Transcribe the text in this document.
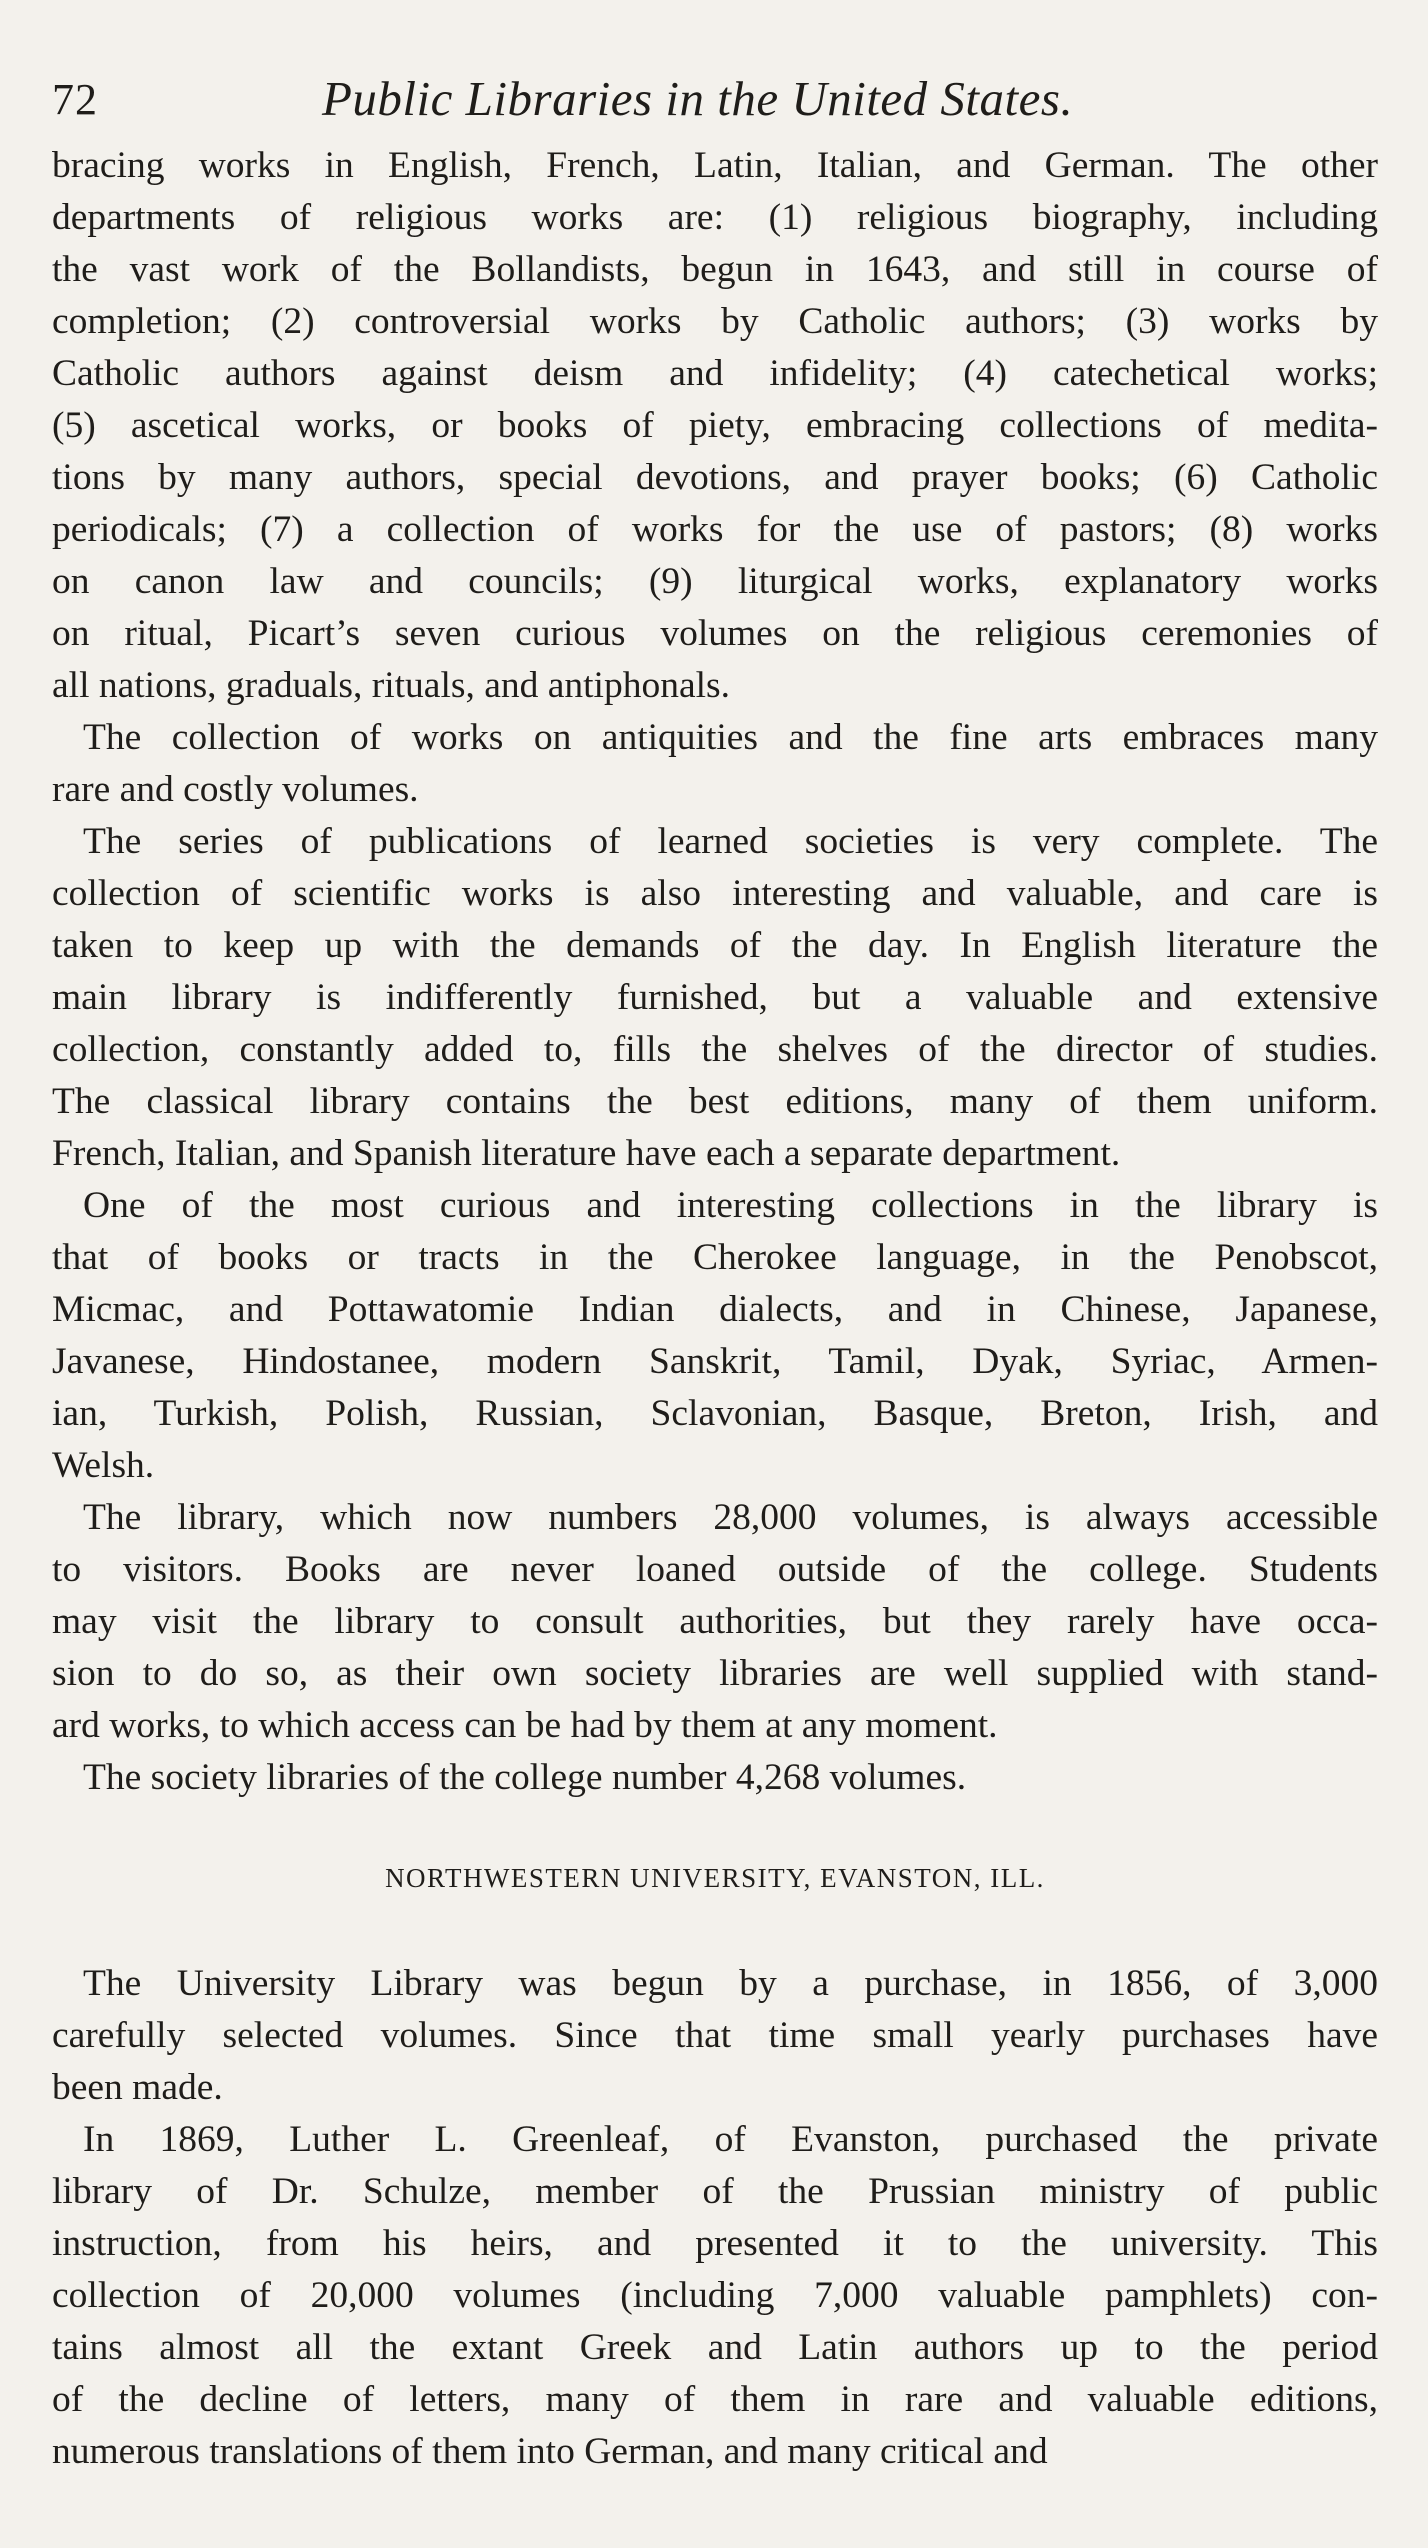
72	Public Libraries in the United States.
bracing works in English, French, Latin, Italian, and German. The other
departments of religious works are: (1) religious biography, including
the vast work of the Bollandists, begun in 1643, and still in course of
completion; (2) controversial works by Catholic authors; (3) works by
Catholic authors against deism and infidelity; (4) catechetical works;
(5) ascetical works, or books of piety, embracing collections of medita-
tions by many authors, special devotions, and prayer books; (6) Catholic
periodicals; (7) a collection of works for the use of pastors; (8) works
on canon law and councils; (9) liturgical works, explanatory works
on ritual, Picart’s seven curious volumes on the religious ceremonies of
all nations, graduals, rituals, and antiphonals.
The collection of works on antiquities and the fine arts embraces many
rare and costly volumes.
The series of publications of learned societies is very complete. The
collection of scientific works is also interesting and valuable, and care is
taken to keep up with the demands of the day. In English literature the
main library is indifferently furnished, but a valuable and extensive
collection, constantly added to, fills the shelves of the director of studies.
The classical library contains the best editions, many of them uniform.
French, Italian, and Spanish literature have each a separate department.
One of the most curious and interesting collections in the library is
that of books or tracts in the Cherokee language, in the Penobscot,
Micmac, and Pottawatomie Indian dialects, and in Chinese, Japanese,
Javanese, Hindostanee, modern Sanskrit, Tamil, Dyak, Syriac, Armen-
ian, Turkish, Polish, Russian, Sclavonian, Basque, Breton, Irish, and
Welsh.
The library, which now numbers 28,000 volumes, is always accessible
to visitors. Books are never loaned outside of the college. Students
may visit the library to consult authorities, but they rarely have occa-
sion to do so, as their own society libraries are well supplied with stand-
ard works, to which access can be had by them at any moment.
The society libraries of the college number 4,268 volumes.
NORTHWESTERN UNIVERSITY, EVANSTON, ILL.
The University Library was begun by a purchase, in 1856, of 3,000
carefully selected volumes. Since that time small yearly purchases have
been made.
In 1869, Luther L. Greenleaf, of Evanston, purchased the private
library of Dr. Schulze, member of the Prussian ministry of public
instruction, from his heirs, and presented it to the university. This
collection of 20,000 volumes (including 7,000 valuable pamphlets) con-
tains almost all the extant Greek and Latin authors up to the period
of the decline of letters, many of them in rare and valuable editions,
numerous translations of them into German, and many critical and
